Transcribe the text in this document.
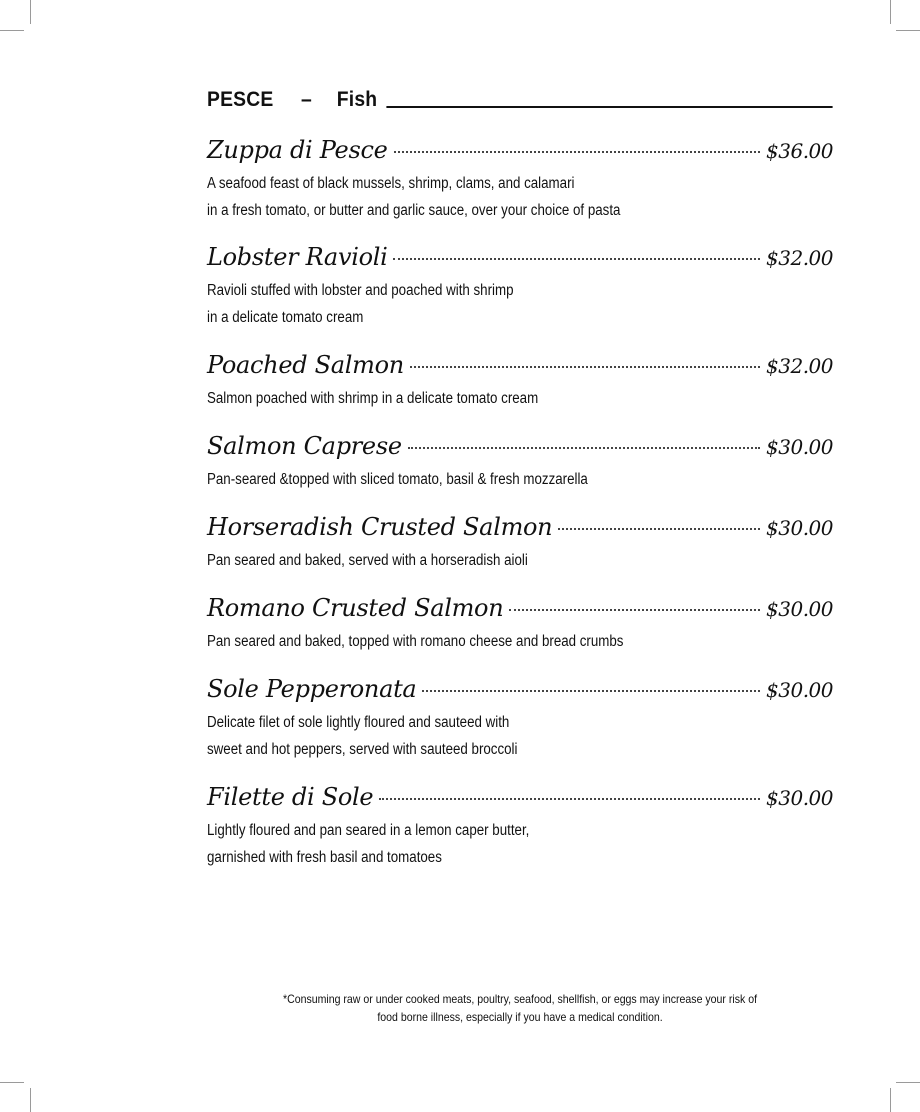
PESCE – Fish
Zuppa di Pesce	$36.00
A seafood feast of black mussels, shrimp, clams, and calamari
in a fresh tomato, or butter and garlic sauce, over your choice of pasta
Lobster Ravioli	$32.00
Ravioli stuffed with lobster and poached with shrimp
in a delicate tomato cream
Poached Salmon	$32.00
Salmon poached with shrimp in a delicate tomato cream
Salmon Caprese	$30.00
Pan-seared &topped with sliced tomato, basil & fresh mozzarella
Horseradish Crusted Salmon	$30.00
Pan seared and baked, served with a horseradish aioli
Romano Crusted Salmon	$30.00
Pan seared and baked, topped with romano cheese and bread crumbs
Sole Pepperonata	$30.00
Delicate filet of sole lightly floured and sauteed with
sweet and hot peppers, served with sauteed broccoli
Filette di Sole	$30.00
Lightly floured and pan seared in a lemon caper butter,
garnished with fresh basil and tomatoes
*Consuming raw or under cooked meats, poultry, seafood, shellfish, or eggs may increase your risk of
food borne illness, especially if you have a medical condition.
